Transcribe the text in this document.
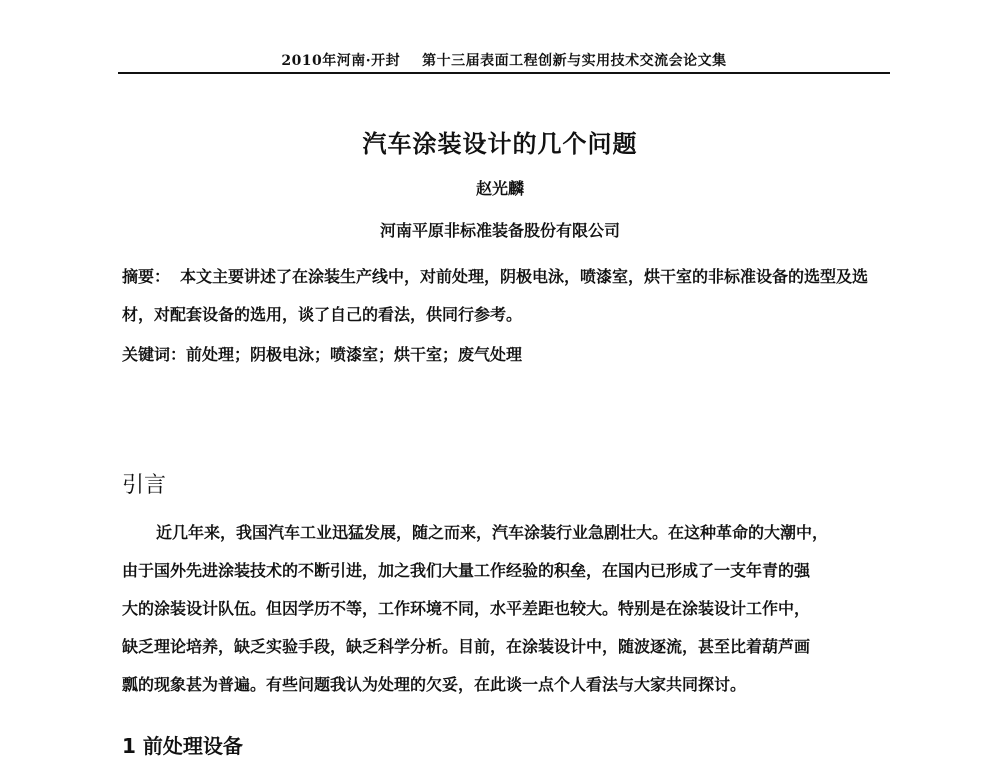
2010年河南·开封 第十三届表面工程创新与实用技术交流会论文集
汽车涂装设计的几个问题
赵光麟
河南平原非标准装备股份有限公司
摘要： 本文主要讲述了在涂装生产线中，对前处理，阴极电泳，喷漆室，烘干室的非标准设备的选型及选材，对配套设备的选用，谈了自己的看法，供同行参考。
关键词：前处理；阴极电泳；喷漆室；烘干室；废气处理
引言
近几年来，我国汽车工业迅猛发展，随之而来，汽车涂装行业急剧壮大。在这种革命的大潮中，
由于国外先进涂装技术的不断引进，加之我们大量工作经验的积垒，在国内已形成了一支年青的强
大的涂装设计队伍。但因学历不等，工作环境不同，水平差距也较大。特别是在涂装设计工作中，
缺乏理论培养，缺乏实验手段，缺乏科学分析。目前，在涂装设计中，随波逐流，甚至比着葫芦画
瓢的现象甚为普遍。有些问题我认为处理的欠妥，在此谈一点个人看法与大家共同探讨。
1 前处理设备
